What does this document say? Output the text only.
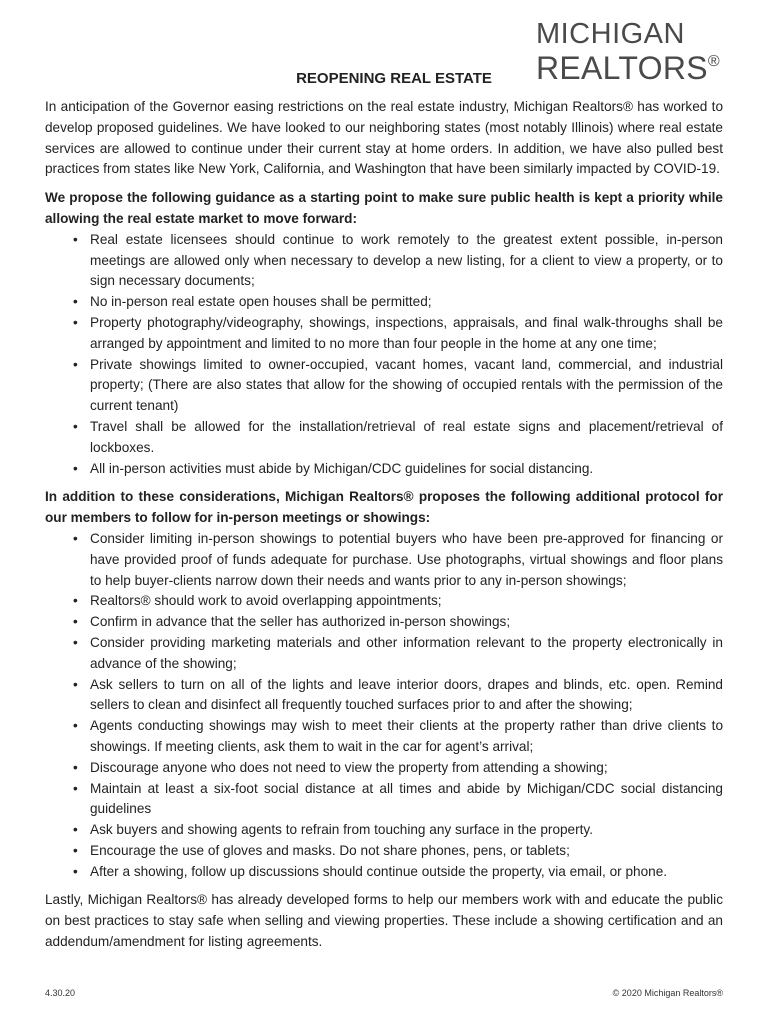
MICHIGAN
REALTORS®
REOPENING REAL ESTATE

In anticipation of the Governor easing restrictions on the real estate industry, Michigan Realtors® has worked to develop proposed guidelines. We have looked to our neighboring states (most notably Illinois) where real estate services are allowed to continue under their current stay at home orders. In addition, we have also pulled best practices from states like New York, California, and Washington that have been similarly impacted by COVID-19.

We propose the following guidance as a starting point to make sure public health is kept a priority while allowing the real estate market to move forward:

• Real estate licensees should continue to work remotely to the greatest extent possible, in-person meetings are allowed only when necessary to develop a new listing, for a client to view a property, or to sign necessary documents;
• No in-person real estate open houses shall be permitted;
• Property photography/videography, showings, inspections, appraisals, and final walk-throughs shall be arranged by appointment and limited to no more than four people in the home at any one time;
• Private showings limited to owner-occupied, vacant homes, vacant land, commercial, and industrial property; (There are also states that allow for the showing of occupied rentals with the permission of the current tenant)
• Travel shall be allowed for the installation/retrieval of real estate signs and placement/retrieval of lockboxes.
• All in-person activities must abide by Michigan/CDC guidelines for social distancing.

In addition to these considerations, Michigan Realtors® proposes the following additional protocol for our members to follow for in-person meetings or showings:

• Consider limiting in-person showings to potential buyers who have been pre-approved for financing or have provided proof of funds adequate for purchase. Use photographs, virtual showings and floor plans to help buyer-clients narrow down their needs and wants prior to any in-person showings;
• Realtors® should work to avoid overlapping appointments;
• Confirm in advance that the seller has authorized in-person showings;
• Consider providing marketing materials and other information relevant to the property electronically in advance of the showing;
• Ask sellers to turn on all of the lights and leave interior doors, drapes and blinds, etc. open. Remind sellers to clean and disinfect all frequently touched surfaces prior to and after the showing;
• Agents conducting showings may wish to meet their clients at the property rather than drive clients to showings. If meeting clients, ask them to wait in the car for agent’s arrival;
• Discourage anyone who does not need to view the property from attending a showing;
• Maintain at least a six-foot social distance at all times and abide by Michigan/CDC social distancing guidelines
• Ask buyers and showing agents to refrain from touching any surface in the property.
• Encourage the use of gloves and masks. Do not share phones, pens, or tablets;
• After a showing, follow up discussions should continue outside the property, via email, or phone.

Lastly, Michigan Realtors® has already developed forms to help our members work with and educate the public on best practices to stay safe when selling and viewing properties. These include a showing certification and an addendum/amendment for listing agreements.

4.30.20	© 2020 Michigan Realtors®
